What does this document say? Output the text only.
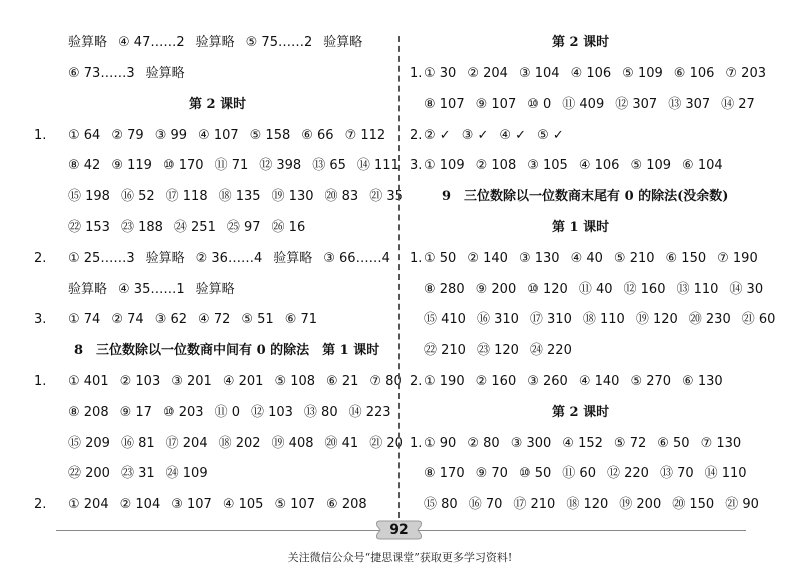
验算略 ④ 47……2 验算略 ⑤ 75……2 验算略
⑥ 73……3 验算略
第 2 课时
1. ① 64 ② 79 ③ 99 ④ 107 ⑤ 158 ⑥ 66 ⑦ 112
⑧ 42 ⑨ 119 ⑩ 170 ⑪ 71 ⑫ 398 ⑬ 65 ⑭ 111
⑮ 198 ⑯ 52 ⑰ 118 ⑱ 135 ⑲ 130 ⑳ 83 ㉑ 35
㉒ 153 ㉓ 188 ㉔ 251 ㉕ 97 ㉖ 16
2. ① 25……3 验算略 ② 36……4 验算略 ③ 66……4
验算略 ④ 35……1 验算略
3. ① 74 ② 74 ③ 62 ④ 72 ⑤ 51 ⑥ 71
8　三位数除以一位数商中间有 0 的除法　第 1 课时
1. ① 401 ② 103 ③ 201 ④ 201 ⑤ 108 ⑥ 21 ⑦ 80
⑧ 208 ⑨ 17 ⑩ 203 ⑪ 0 ⑫ 103 ⑬ 80 ⑭ 223
⑮ 209 ⑯ 81 ⑰ 204 ⑱ 202 ⑲ 408 ⑳ 41 ㉑ 20
㉒ 200 ㉓ 31 ㉔ 109
2. ① 204 ② 104 ③ 107 ④ 105 ⑤ 107 ⑥ 208
第 2 课时
1. ① 30 ② 204 ③ 104 ④ 106 ⑤ 109 ⑥ 106 ⑦ 203
⑧ 107 ⑨ 107 ⑩ 0 ⑪ 409 ⑫ 307 ⑬ 307 ⑭ 27
2. ② ✓ ③ ✓ ④ ✓ ⑤ ✓
3. ① 109 ② 108 ③ 105 ④ 106 ⑤ 109 ⑥ 104
9　三位数除以一位数商末尾有 0 的除法(没余数)
第 1 课时
1. ① 50 ② 140 ③ 130 ④ 40 ⑤ 210 ⑥ 150 ⑦ 190
⑧ 280 ⑨ 200 ⑩ 120 ⑪ 40 ⑫ 160 ⑬ 110 ⑭ 30
⑮ 410 ⑯ 310 ⑰ 310 ⑱ 110 ⑲ 120 ⑳ 230 ㉑ 60
㉒ 210 ㉓ 120 ㉔ 220
2. ① 190 ② 160 ③ 260 ④ 140 ⑤ 270 ⑥ 130
第 2 课时
1. ① 90 ② 80 ③ 300 ④ 152 ⑤ 72 ⑥ 50 ⑦ 130
⑧ 170 ⑨ 70 ⑩ 50 ⑪ 60 ⑫ 220 ⑬ 70 ⑭ 110
⑮ 80 ⑯ 70 ⑰ 210 ⑱ 120 ⑲ 200 ⑳ 150 ㉑ 90
92
关注微信公众号“捷思课堂”获取更多学习资料!
